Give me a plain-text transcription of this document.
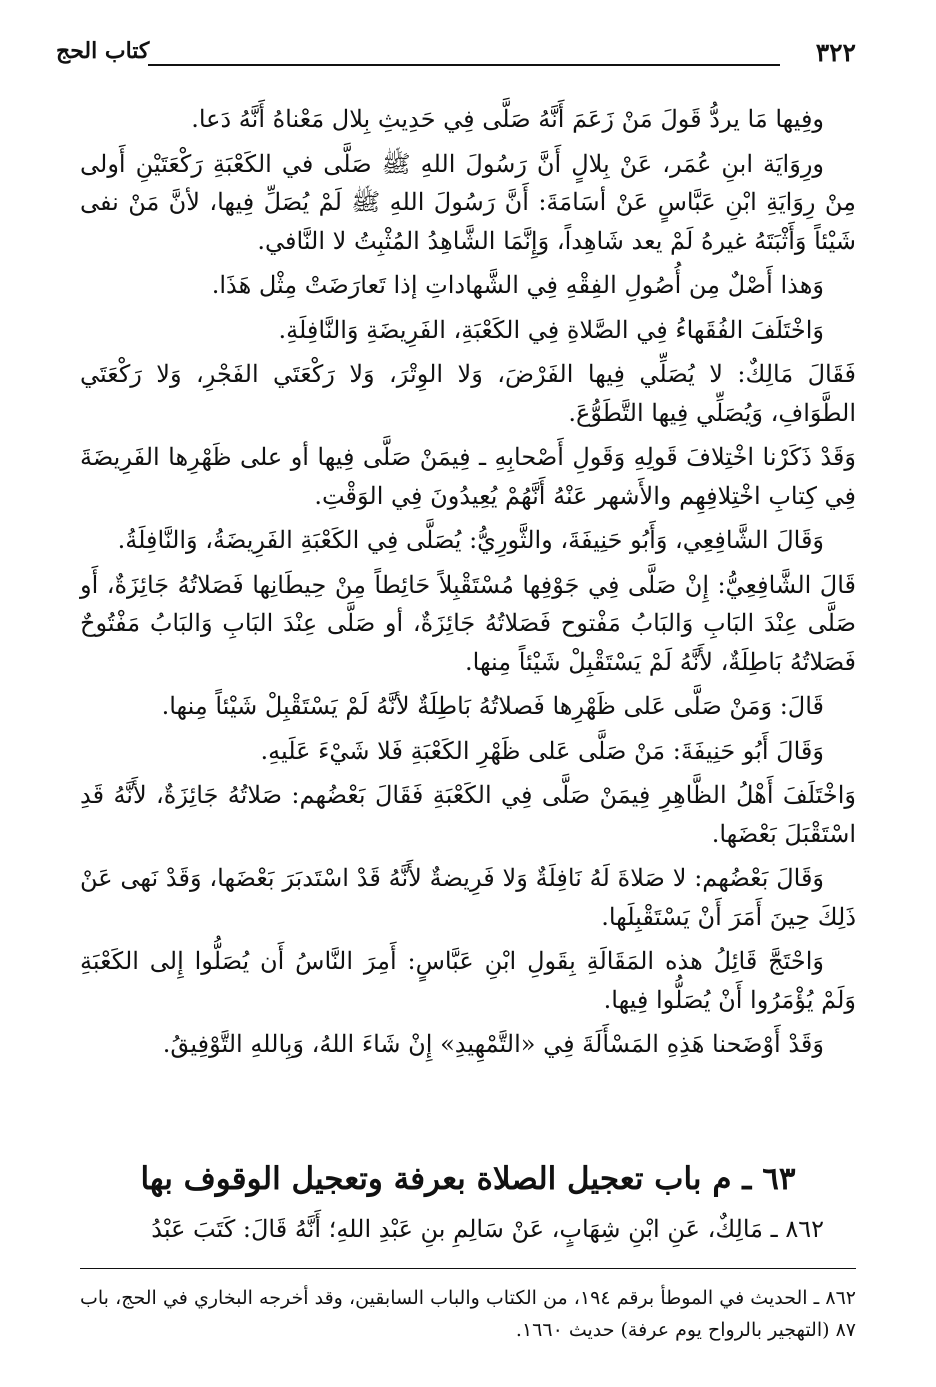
٣٢٢
كتاب الحج

وفِيها مَا يردُّ قَولَ مَنْ زَعَمَ أَنَّهُ صَلَّى فِي حَدِيثِ بِلال مَعْناهُ أَنَّهُ دَعا.

ورِوَايَة ابنِ عُمَر، عَنْ بِلالٍ أَنَّ رَسُولَ اللهِ ﷺ صَلَّى في الكَعْبَةِ رَكْعَتَيْنِ أَولى مِنْ رِوَايَةِ ابْنِ عَبَّاسٍ عَنْ أسَامَةَ: أَنَّ رَسُولَ اللهِ ﷺ لَمْ يُصَلِّ فِيها، لأنَّ مَنْ نفى شَيْئاً وَأَثْبَتَهُ غيرهُ لَمْ يعد شَاهِداً، وَإِنَّمَا الشَّاهِدُ المُثْبِتُ لا النَّافي.

وَهذا أَصْلٌ مِن أُصُولِ الفِقْهِ فِي الشَّهاداتِ إذا تَعارَضَتْ مِثْل هَذَا.

وَاخْتَلَفَ الفُقَهاءُ فِي الصَّلاةِ فِي الكَعْبَةِ، الفَرِيضَةِ وَالنَّافِلَةِ.

فَقَالَ مَالِكٌ: لا يُصَلِّي فِيها الفَرْضَ، وَلا الوِتْرَ، وَلا رَكْعَتَي الفَجْرِ، وَلا رَكْعَتَي الطَّوَافِ، وَيُصَلِّي فِيها التَّطَوُّعَ.

وَقَدْ ذَكَرْنا اخْتِلافَ قَولِهِ وَقَولِ أَصْحابِهِ ـ فِيمَنْ صَلَّى فِيها أو على ظَهْرِها الفَرِيضَةَ فِي كِتابِ اخْتِلافِهِم والأَشهر عَنْهُ أَنَّهُمْ يُعِيدُونَ فِي الوَقْتِ.

وَقَالَ الشَّافِعِي، وَأَبُو حَنِيفَةَ، والثَّورِيُّ: يُصَلَّى فِي الكَعْبَةِ الفَرِيضَةُ، وَالنَّافِلَةُ.

قَالَ الشَّافِعِيُّ: إِنْ صَلَّى فِي جَوْفِها مُسْتَقْبِلاً حَائِطاً مِنْ حِيطَانِها فَصَلاتُهُ جَائِزَةٌ، أَو صَلَّى عِنْدَ البَابِ وَالبَابُ مَفْتوح فَصَلاتُهُ جَائِزَةٌ، أو صَلَّى عِنْدَ البَابِ وَالبَابُ مَفْتُوحٌ فَصَلاتُهُ بَاطِلَةٌ، لأَنَّهُ لَمْ يَسْتَقْبِلْ شَيْئاً مِنها.

قَالَ: وَمَنْ صَلَّى عَلى ظَهْرِها فَصلاتُهُ بَاطِلَةٌ لأنَّهُ لَمْ يَسْتَقْبِلْ شَيْئاً مِنها.

وَقَالَ أَبُو حَنِيفَةَ: مَنْ صَلَّى عَلى ظَهْرِ الكَعْبَةِ فَلا شَيْءَ عَلَيهِ.

وَاخْتَلَفَ أَهْلُ الظَّاهِرِ فِيمَنْ صَلَّى فِي الكَعْبَةِ فَقَالَ بَعْضُهم: صَلاتُهُ جَائِزَةٌ، لأَنَّهُ قَدِ اسْتَقْبَلَ بَعْضَها.

وَقَالَ بَعْضُهم: لا صَلاةَ لَهُ نَافِلَةٌ وَلا فَرِيضةٌ لأَنَّهُ قَدْ اسْتَدبَرَ بَعْضَها، وَقَدْ نَهى عَنْ ذَلِكَ حِينَ أَمَرَ أَنْ يَسْتَقْبِلَها.

وَاحْتَجَّ قَائِلُ هذه المَقَالَةِ بِقَولِ ابْنِ عَبَّاسٍ: أَمِرَ النَّاسُ أَن يُصَلُّوا إِلى الكَعْبَةِ وَلَمْ يُؤْمَرُوا أَنْ يُصَلُّوا فِيها.

وَقَدْ أَوْضَحنا هَذِهِ المَسْأَلَةَ فِي «التَّمْهِيدِ» إِنْ شَاءَ اللهُ، وَبِاللهِ التَّوْفِيقُ.

٦٣ ـ م باب تعجيل الصلاة بعرفة وتعجيل الوقوف بها
٨٦٢ ـ مَالِكٌ، عَنِ ابْنِ شِهَابٍ، عَنْ سَالِمِ بنِ عَبْدِ اللهِ؛ أَنَّهُ قَالَ: كَتَبَ عَبْدُ
٨٦٢ ـ الحديث في الموطأ برقم ١٩٤، من الكتاب والباب السابقين، وقد أخرجه البخاري في الحج، باب ٨٧ (التهجير بالرواح يوم عرفة) حديث ١٦٦٠.
